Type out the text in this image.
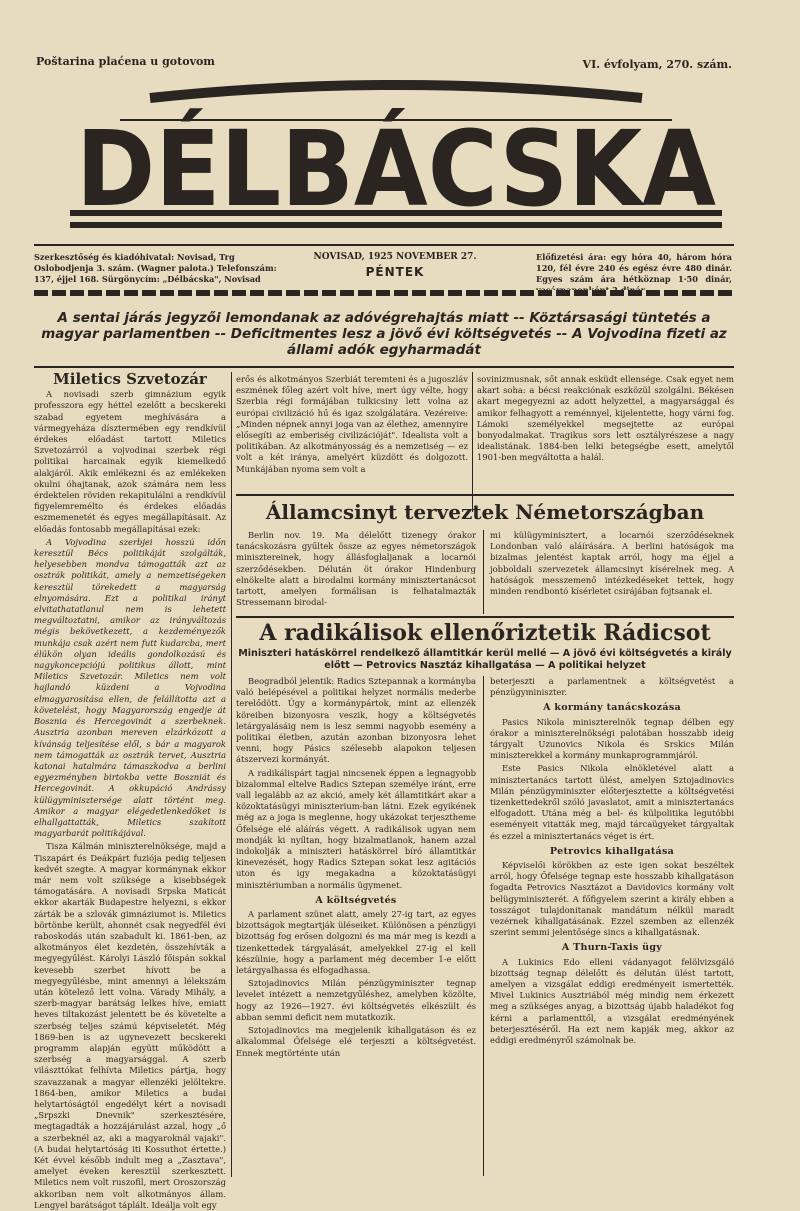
Poštarina plaćena u gotovom	VI. évfolyam, 270. szám.
DÉLBÁCSKA
Szerkesztőség és kiadóhivatal: Novisad, Trg Oslobodjenja 3. szám. (Wagner palota.) Telefonszám: 137, éjjel 168. Sürgönycím: „Délbácska", Novisad
NOVISAD, 1925 NOVEMBER 27.
PÉNTEK
Előfizetési ára: egy hóra 40, három hóra 120, fél évre 240 és egész évre 480 dinár. Egyes szám ára hétköznap 1·50 dinár,
A sentai járás jegyzői lemondanak az adóvégrehajtás miatt -- Köztársasági tüntetés a magyar parlamentben -- Deficitmentes lesz a jövő évi költségvetés -- A Vojvodina fizeti az állami adók egyharmadát
Miletics Szvetozár

A novisadi szerb gimnázium egyik professzora egy héttel ezelőtt a becskereki szabad egyetem meghívására a vármegyeháza dísztermében egy rendkívül érdekes előadást tartott Miletics Szvetozárról a vojvodinai szerbek régi politikai harcainak egyik kiemelkedő alakjáról. Akik emlékezni és az emlékeken okulni óhajtanak, azok számára nem less érdektelen röviden rekapitulálni a rendkívül figyelemremélto és érdekes előadás eszmemenetét és egyes megállapításait. Az előadás fontosabb megállapításai ezek:

A Vojvodina szerbjei hosszú időn keresztül Bécs politikáját szolgálták, helyesebben mondva támogatták azt az osztrák politikát, amely a nemzetiségeken keresztül törekedett a magyarság elnyomására. Ezt a politikai irányt elvitathatatlanul nem is lehetett megváltoztatni, amikor az irányváltozás mégis bekövetkezett, a kezdeményezők munkája csak azért nem futt kudarcba, mert élükön olyan ideális gondolkozású és nagykoncepciójú politikus állott, mint Miletics Szvetozár. Miletics nem volt hajlandó küzdeni a Vojvodina elmagyarosítása ellen, de felállította azt a követelést, hogy Magyarország engedje át Bosznia és Hercegovinát a szerbeknek. Ausztria azonban mereven elzárkózott a kívánság teljesítése elől, s bár a magyarok nem támogatták az osztrák tervet, Ausztria katonai hatalmára támaszkodva a berlini egyezményben birtokba vette Boszniát és Hercegovinát. A okkupáció Andrássy külügyminisztersége alatt történt meg. Amikor a magyar elégedetlenkedőket is elhallgattatták, Miletics szakított magyarbarát politikájával.

Tisza Kálmán miniszterelnöksége, majd a Tiszapárt és Deákpárt fuziója pedig teljesen kedvét szegte. A magyar kormánynak ekkor már nem volt szüksége a kisebbségek támogatására. A novisadi Srpska Maticát ekkor akarták Budapestre helyezni, s ekkor zárták be a szlovák gimnáziumot is. Miletics börtönbe került, ahonnét csak negyedfél évi raboskodás után szabadult ki. 1861-ben, az alkotmányos élet kezdetén, összehívták a megyegyűlést. Károlyi László főispán sokkal kevesebb szerbet hívott be a megyegyűlésbe, mint amennyi a lélekszám után kötelező lett volna. Várady Mihály, a szerb-magyar barátság lelkes híve, emiatt heves tiltakozást jelentett be és követelte a szerbség teljes számú képviseletét. Még 1869-ben is az ugynevezett becskereki programm alapján együtt működött a szerbség a magyarsággal. A szerb vilászttókat felhívta Miletics pártja, hogy szavazzanak a magyar ellenzéki jelöltekre. 1864-ben, amikor Miletics a budai helytartóságtól engedélyt kért a novisadi „Srpszki Dnevnik" szerkesztésére, megtagadták a hozzájárulást azzal, hogy „ő a szerbeknél az, aki a magyaroknál vajaki". (A budai helytartóság iti Kossuthot értette.) Két évvel később indult meg a „Zasztava", amelyet éveken keresztül szerkesztett. Miletics nem volt ruszofil, mert Oroszország akkoriban nem volt alkotmányos állam. Lengyel barátságot táplált. Ideálja volt egy

erős és alkotmányos Szerbiát teremteni és a jugoszláv eszmének főleg azért volt híve, mert úgy vélte, hogy Szerbia régi formájában tulkicsiny lett volna az európai civilizáció hű és igaz szolgálatára. Vezéreive: „Minden népnek annyi joga van az élethez, amennyire elősegíti az emberiség civilizációját". Idealista volt a politikában. Az alkotmányosság és a nemzetiség — ez volt a két iránya, amelyért küzdött és dolgozott. Munkájában nyoma sem volt a

sovinizmusnak, sőt annak esküdt ellensége. Csak egyet nem akart soha: a bécsi reakciónak eszközül szolgálni. Békésen akart megegyezni az adott helyzettel, a magyarsággal és amikor felhagyott a reménnyel, kijelentette, hogy várni fog. Lámoki személyekkel megsejtette az európai bonyodalmakat. Tragikus sors lett osztályrészese a nagy idealistának. 1884-ben lelki betegségbe esett, amelytől 1901-ben megváltotta a halál.

Államcsinyt terveztek Németországban

Berlin nov. 19. Ma délelőtt tizenegy órakor tanácskozásra gyűltek össze az egyes németországok minisztereinek, hogy állásfoglaljanak a locarnói szerződésekben. Délután öt órakor Hindenburg elnökelte alatt a birodalmi kormány minisztertanácsot tartott, amelyen formálisan is felhatalmazták Stressemann birodal-

mi külügyminisztert, a locarnói szerződéseknek Londonban való aláírására. A berlini hatóságok ma bizalmas jelentést kaptak arról, hogy ma éjjel a jobboldali szervezetek államcsinyt kísérelnek meg. A hatóságok messzemenő intézkedéseket tettek, hogy minden rendbontó kísérletet csirájában fojtsanak el.

A radikálisok ellenőriztetik Rádicsot
Miniszteri hatáskörrel rendelkező államtitkár kerül mellé — A jövő évi költségvetés a király előtt — Petrovics Nasztáz kihallgatása — A politikai helyzet

Beogradból jelentik: Radics Sztepannak a kormányba való belépésével a politikai helyzet normális mederbe terelődött. Úgy a kormánypártok, mint az ellenzék köreiben bizonyosra veszik, hogy a költségvetés letárgyalásáig nem is lesz semmi nagyobb esemény a politikai életben, azután azonban bizonyosra lehet venni, hogy Pásics szélesebb alapokon teljesen átszervezi kormányát.

A radikálispárt tagjai nincsenek éppen a legnagyobb bizalommal eltelve Radics Sztepan személye iránt, erre vall legalább az az akció, amely két államtitkárt akar a közoktatásügyi miniszterium-ban látni. Ezek egyikének még az a joga is meglenne, hogy ukázokat terjesztheme Őfelsége elé aláírás végett. A radikálisok ugyan nem mondják ki nyíltan, hogy bizalmatlanok, hanem azzal indokolják a miniszteri hatáskörrel bíró államtitkár kinevezését, hogy Radics Sztepan sokat lesz agitációs uton és igy megakadna a közoktatásügyi minisztériumban a normális ügymenet.

A költségvetés

A parlament szünet alatt, amely 27-ig tart, az egyes bizottságok megtartják üléseiket. Különösen a pénzügyi bizottság fog erősen dolgozni és ma már meg is kezdi a tizenkettedek tárgyalását, amelyekkel 27-ig el kell készülnie, hogy a parlament még december 1-e előtt letárgyalhassa és elfogadhassa.

Sztojadinovics Milán pénzügyminiszter tegnap levelet intézett a nemzetgyűléshez, amelyben közölte, hogy az 1926—1927. évi költségvetés elkészült és abban semmi deficit nem mutatkozik.

Sztojadinovics ma megjelenik kihallgatáson és ez alkalommal Őfelsége elé terjeszti a költségvetést. Ennek megtörténte után

beterjeszti a parlamentnek a költségvetést a pénzügyminiszter.

A kormány tanácskozása

Pasics Nikola miniszterelnök tegnap délben egy órakor a miniszterelnökségi palotában hosszabb ideig tárgyalt Uzunovics Nikola és Srskics Milán miniszterekkel a kormány munkaprogrammjáról.

Este Pasics Nikola elnökletével alatt a minisztertanács tartott ülést, amelyen Sztojadinovics Milán pénzügyminiszter előterjesztette a költségvetési tizenkettedekről szóló javaslatot, amit a minisztertanács elfogadott. Utána még a bel- és külpolitika legutóbbi eseményeit vitatták meg, majd tárcaügyeket tárgyaltak és ezzel a minisztertanács véget is ért.

Petrovics kihallgatása

Képviselői körökben az este igen sokat beszéltek arról, hogy Őfelsége tegnap este hosszabb kihallgatáson fogadta Petrovics Nasztázot a Davidovics kormány volt belügyminiszterét. A főfigyelem szerint a király ebben a tosszágot tulajdonitanak mandátum nélkül maradt vezérnek kihallgatásának. Ezzel szemben az ellenzék szerint semmi jelentősége sincs a kihallgatásnak.

A Thurn-Taxis ügy

A Lukinics Edo elleni vádanyagot felölvizsgáló bizottság tegnap délelőtt és délután ülést tartott, amelyen a vizsgálat eddigi eredményeit ismertették. Mivel Lukinics Ausztriából még mindig nem érkezett meg a szükséges anyag, a bizottság újabb haladékot fog kérni a parlamenttől, a vizsgálat eredményének beterjesztéséről. Ha ezt nem kapják meg, akkor az eddigi eredményről számolnak be.
